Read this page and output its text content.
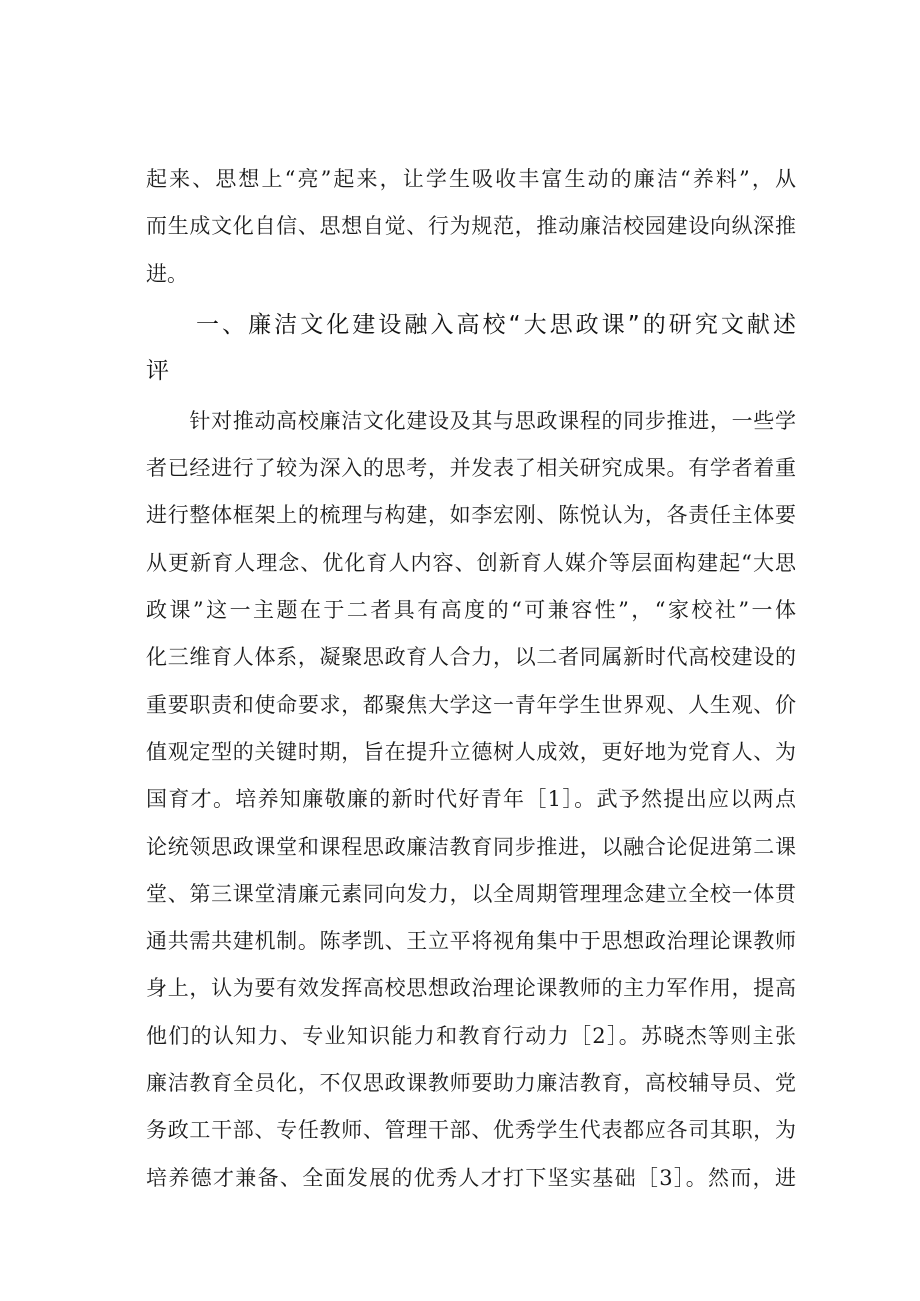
起来、思想上“亮”起来，让学生吸收丰富生动的廉洁“养料”，从
而生成文化自信、思想自觉、行为规范，推动廉洁校园建设向纵深推
进。
一、廉洁文化建设融入高校“大思政课”的研究文献述
评
　　针对推动高校廉洁文化建设及其与思政课程的同步推进，一些学
者已经进行了较为深入的思考，并发表了相关研究成果。有学者着重
进行整体框架上的梳理与构建，如李宏刚、陈悦认为，各责任主体要
从更新育人理念、优化育人内容、创新育人媒介等层面构建起“大思
政课”这一主题在于二者具有高度的“可兼容性”，“家校社”一体
化三维育人体系，凝聚思政育人合力，以二者同属新时代高校建设的
重要职责和使命要求，都聚焦大学这一青年学生世界观、人生观、价
值观定型的关键时期，旨在提升立德树人成效，更好地为党育人、为
国育才。培养知廉敬廉的新时代好青年［1］。武予然提出应以两点
论统领思政课堂和课程思政廉洁教育同步推进，以融合论促进第二课
堂、第三课堂清廉元素同向发力，以全周期管理理念建立全校一体贯
通共需共建机制。陈孝凯、王立平将视角集中于思想政治理论课教师
身上，认为要有效发挥高校思想政治理论课教师的主力军作用，提高
他们的认知力、专业知识能力和教育行动力［2］。苏晓杰等则主张
廉洁教育全员化，不仅思政课教师要助力廉洁教育，高校辅导员、党
务政工干部、专任教师、管理干部、优秀学生代表都应各司其职，为
培养德才兼备、全面发展的优秀人才打下坚实基础［3］。然而，进
